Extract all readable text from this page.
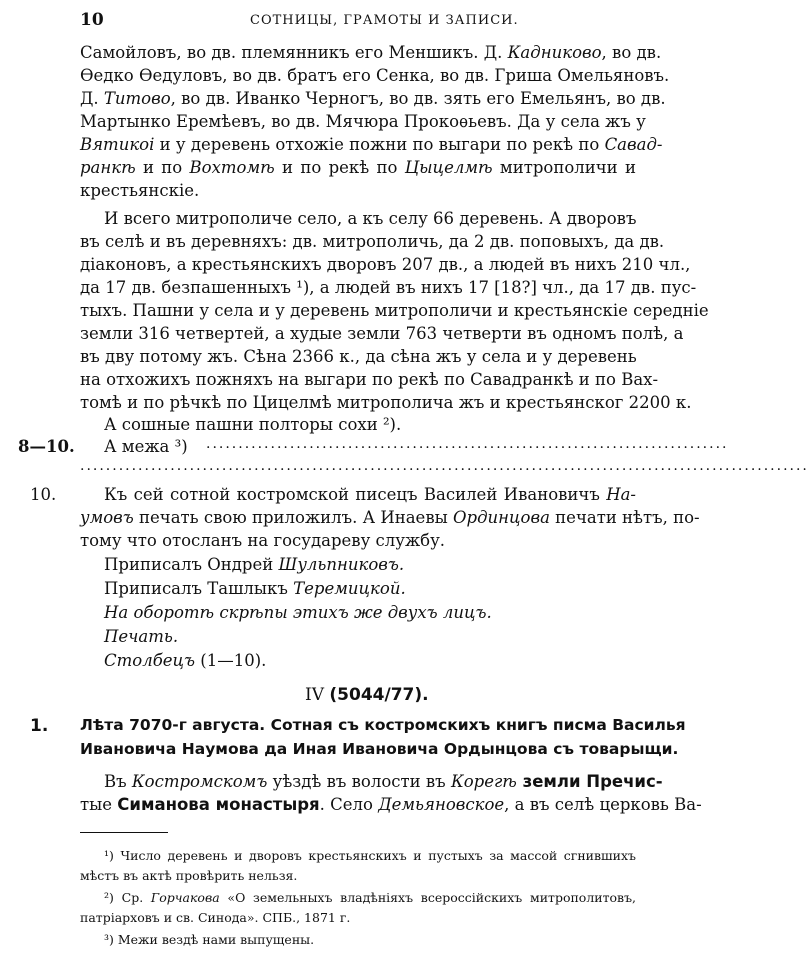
10	СОТНИЦЫ, ГРАМОТЫ И ЗАПИСИ.
Самойловъ, во дв. племянникъ его Меншикъ. Д. Кадниково, во дв.
Ѳедко Ѳедуловъ, во дв. братъ его Сенка, во дв. Гриша Омельяновъ.
Д. Титово, во дв. Иванко Черногъ, во дв. зять его Емельянъ, во дв.
Мартынко Еремѣевъ, во дв. Мячюра Прокоѳьевъ. Да у села жъ у
Вятикоі и у деревень отхожіе пожни по выгари по рекѣ по Савад-
ранкѣ и по Вохтомѣ и по рекѣ по Цыцелмѣ митрополичи и
крестьянскіе.
И всего митрополиче село, а къ селу 66 деревень. А дворовъ
въ селѣ и въ деревняхъ: дв. митрополичь, да 2 дв. поповыхъ, да дв.
діаконовъ, а крестьянскихъ дворовъ 207 дв., а людей въ нихъ 210 чл.,
да 17 дв. безпашенныхъ ¹), а людей въ нихъ 17 [18?] чл., да 17 дв. пус-
тыхъ. Пашни у села и у деревень митрополичи и крестьянскіе середніе
земли 316 четвертей, а худые земли 763 четверти въ одномъ полѣ, а
въ дву потому жъ. Сѣна 2366 к., да сѣна жъ у села и у деревень
на отхожихъ пожняхъ на выгари по рекѣ по Савадранкѣ и по Вах-
томѣ и по рѣчкѣ по Цицелмѣ митрополича жъ и крестьянског 2200 к.
А сошные пашни полторы сохи ²).
8—10. А межа ³) .................................................................................
.................................................................................................................
10.	Къ сей сотной костромской писецъ Василей Ивановичъ На-
умовъ печать свою приложилъ. А Инаевы Ординцова печати нѣтъ, по-
тому что отосланъ на государеву службу.
Приписалъ Ондрей Шульпниковъ.
Приписалъ Ташлыкъ Теремицкой.
На оборотѣ скрѣпы этихъ же двухъ лицъ.
Печать.
Столбецъ (1—10).
IV (5044/77).
1. Лѣта 7070-г августа. Сотная съ костромскихъ книгъ писма Василья
Ивановича Наумова да Иная Ивановича Ордынцова съ товарыщи.
Въ Костромскомъ уѣздѣ въ волости въ Корегѣ земли Пречис-
тые Симанова монастыря. Село Демьяновское, а въ селѣ церковь Ва-
¹) Число деревень и дворовъ крестьянскихъ и пустыхъ за массой сгнившихъ
мѣстъ въ актѣ провѣрить нельзя.
²) Ср. Горчакова «О земельныхъ владѣніяхъ всероссійскихъ митрополитовъ,
патріарховъ и св. Синода». СПБ., 1871 г.
³) Межи вездѣ нами выпущены.
